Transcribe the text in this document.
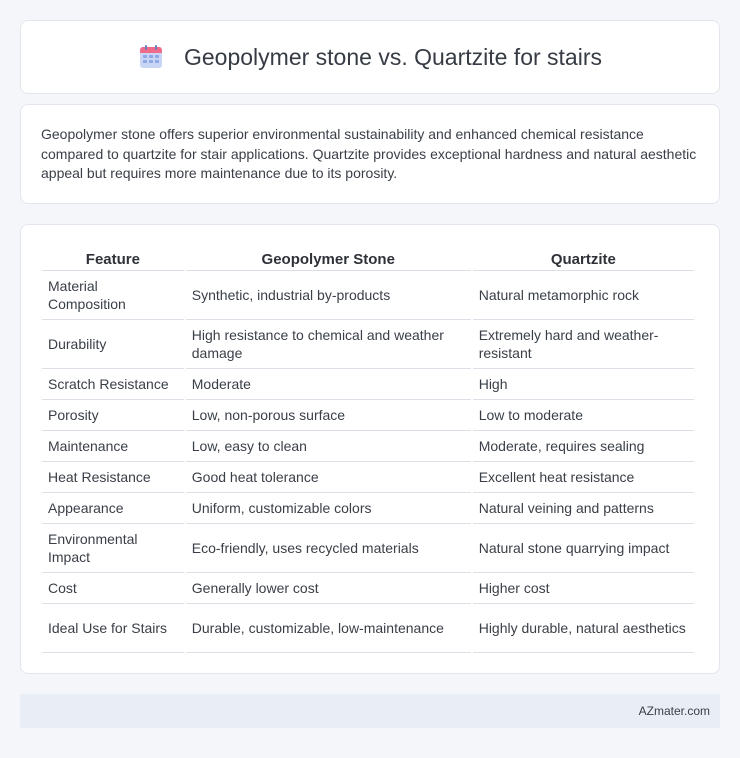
Geopolymer stone vs. Quartzite for stairs

Geopolymer stone offers superior environmental sustainability and enhanced chemical resistance compared to quartzite for stair applications. Quartzite provides exceptional hardness and natural aesthetic appeal but requires more maintenance due to its porosity.

Feature	Geopolymer Stone	Quartzite
Material Composition	Synthetic, industrial by-products	Natural metamorphic rock
Durability	High resistance to chemical and weather damage	Extremely hard and weather-resistant
Scratch Resistance	Moderate	High
Porosity	Low, non-porous surface	Low to moderate
Maintenance	Low, easy to clean	Moderate, requires sealing
Heat Resistance	Good heat tolerance	Excellent heat resistance
Appearance	Uniform, customizable colors	Natural veining and patterns
Environmental Impact	Eco-friendly, uses recycled materials	Natural stone quarrying impact
Cost	Generally lower cost	Higher cost
Ideal Use for Stairs	Durable, customizable, low-maintenance	Highly durable, natural aesthetics
AZmater.com
